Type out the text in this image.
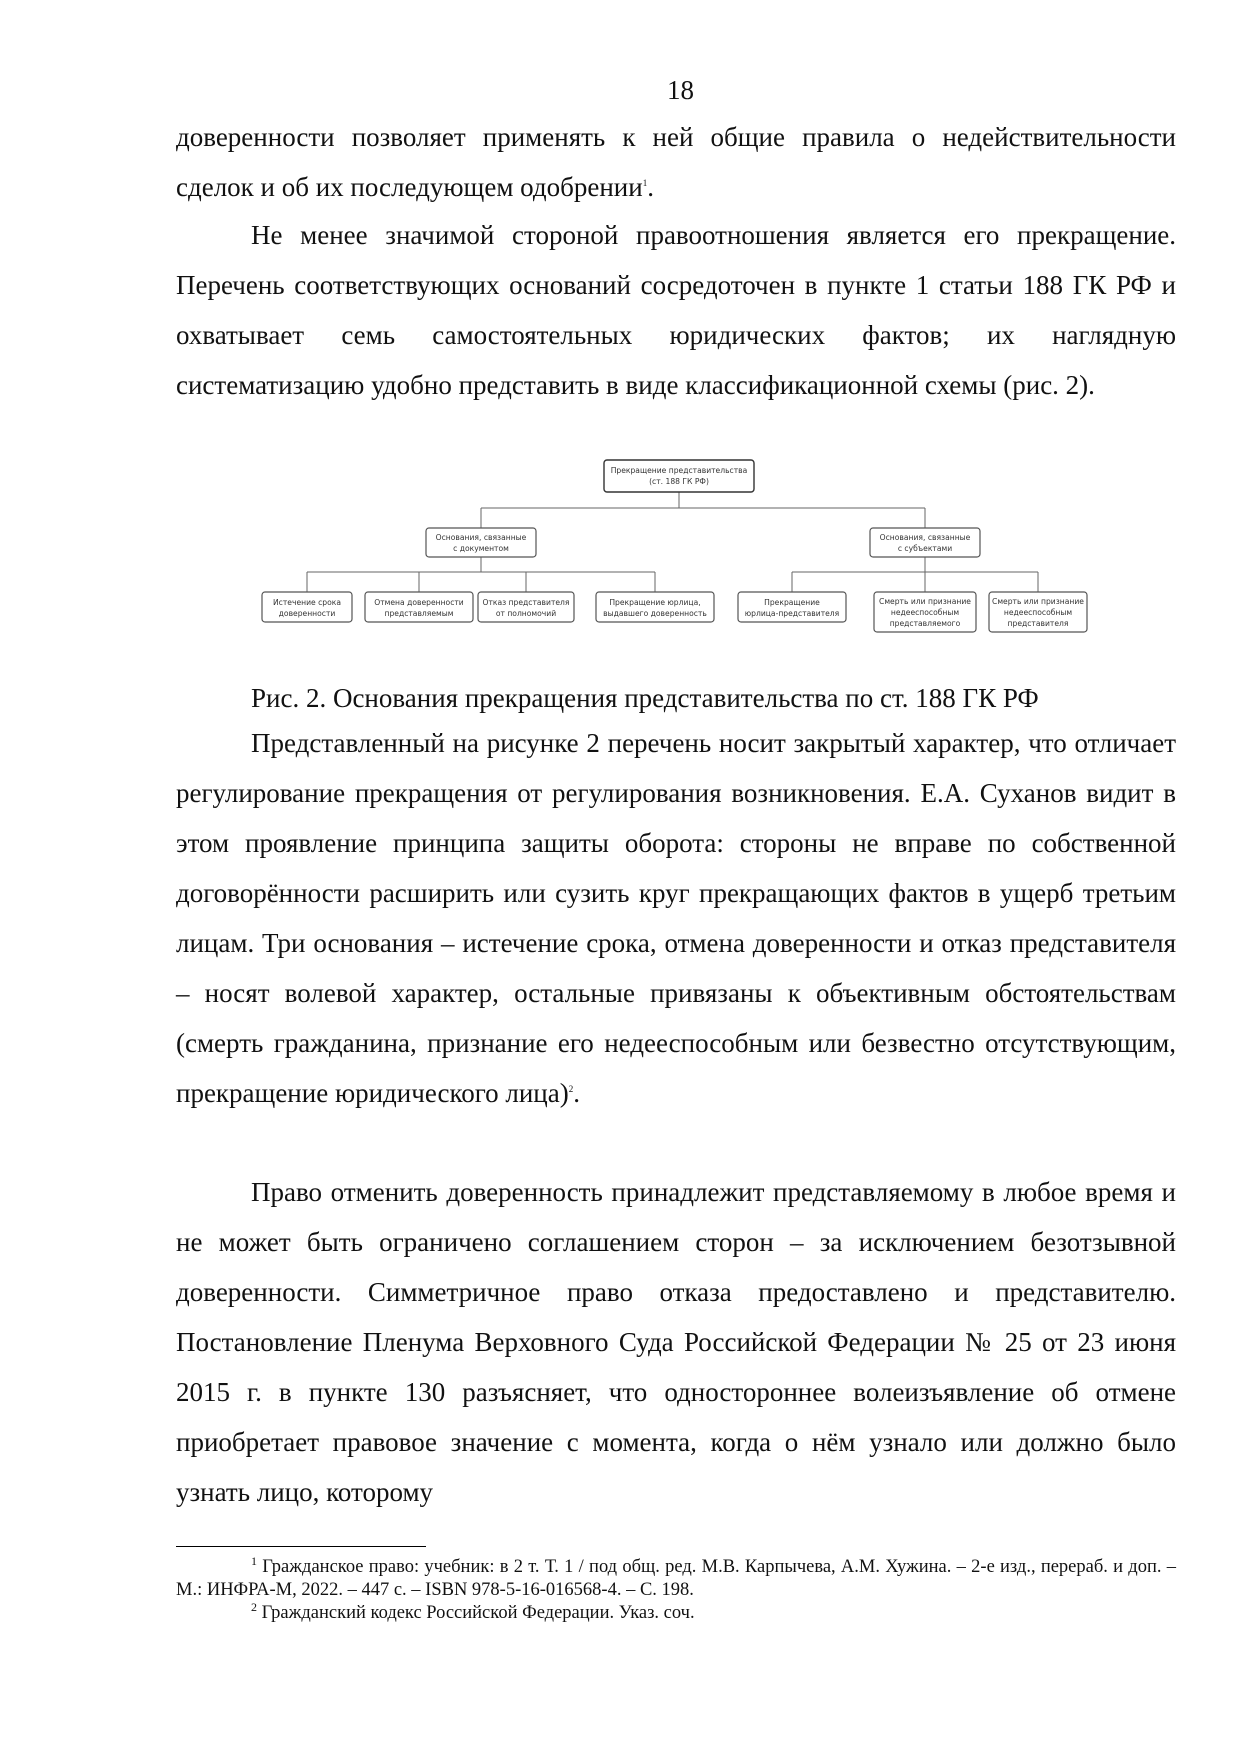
18

доверенности позволяет применять к ней общие правила о недействительности сделок и об их последующем одобрении$^1$.

Не менее значимой стороной правоотношения является его прекращение. Перечень соответствующих оснований сосредоточен в пункте 1 статьи 188 ГК РФ и охватывает семь самостоятельных юридических фактов; их наглядную систематизацию удобно представить в виде классификационной схемы (рис. 2).

Прекращение представительства
(ст. 188 ГК РФ)
Основания, связанные
с документом
Основания, связанные
с субъектами
Истечение срока
доверенности
Отмена доверенности
представляемым
Отказ представителя
от полномочий
Прекращение юрлица,
выдавшего доверенность
Прекращение
юрлица-представителя
Смерть или признание
недееспособным
представляемого
Смерть или признание
недееспособным
представителя
Рис. 2. Основания прекращения представительства по ст. 188 ГК РФ

Представленный на рисунке 2 перечень носит закрытый характер, что отличает регулирование прекращения от регулирования возникновения. Е.А. Суханов видит в этом проявление принципа защиты оборота: стороны не вправе по собственной договорённости расширить или сузить круг прекращающих фактов в ущерб третьим лицам. Три основания – истечение срока, отмена доверенности и отказ представителя – носят волевой характер, остальные привязаны к объективным обстоятельствам (смерть гражданина, признание его недееспособным или безвестно отсутствующим, прекращение юридического лица)$^2$.

Право отменить доверенность принадлежит представляемому в любое время и не может быть ограничено соглашением сторон – за исключением безотзывной доверенности. Симметричное право отказа предоставлено и представителю. Постановление Пленума Верховного Суда Российской Федерации № 25 от 23 июня 2015 г. в пункте 130 разъясняет, что одностороннее волеизъявление об отмене приобретает правовое значение с момента, когда о нём узнало или должно было узнать лицо, которому

$^1$ Гражданское право: учебник: в 2 т. Т. 1 / под общ. ред. М.В. Карпычева, А.М. Хужина. – 2-е изд., перераб. и доп. – М.: ИНФРА-М, 2022. – 447 с. – ISBN 978-5-16-016568-4. – С. 198.

$^2$ Гражданский кодекс Российской Федерации. Указ. соч.
